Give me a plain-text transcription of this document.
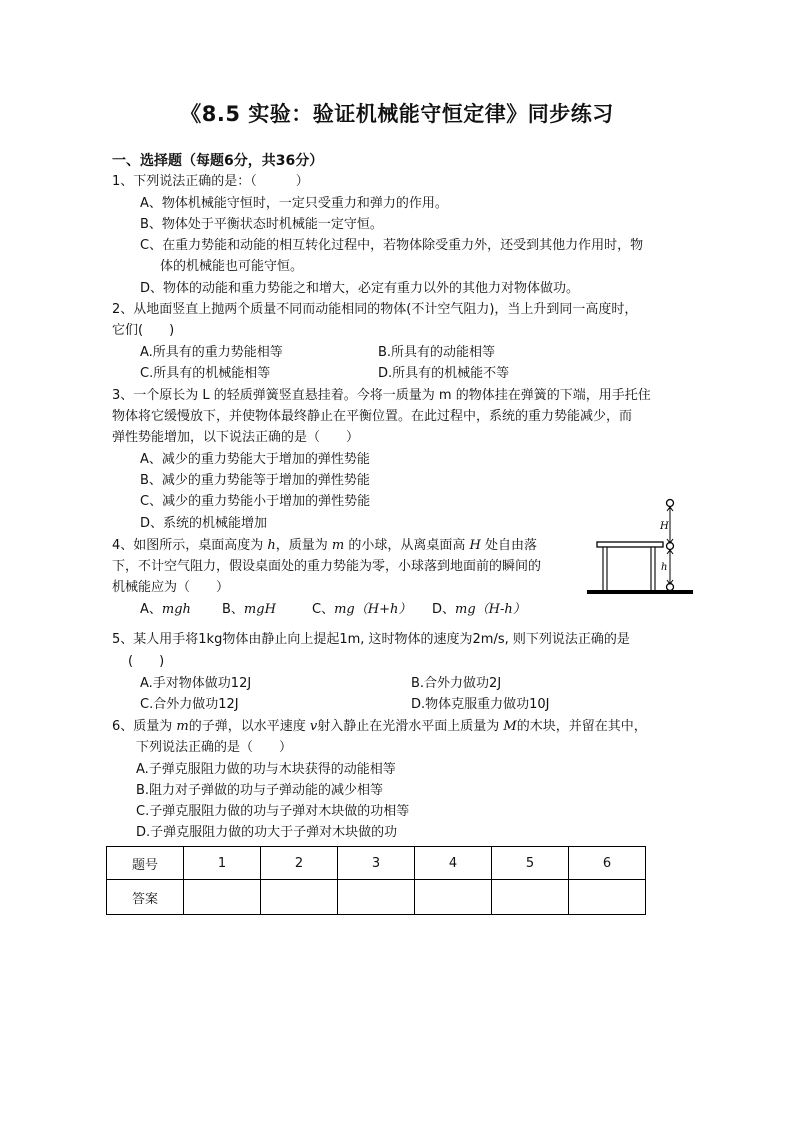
《8.5 实验：验证机械能守恒定律》同步练习
一、选择题（每题6分，共36分）
1、下列说法正确的是：（　　　）
A、物体机械能守恒时，一定只受重力和弹力的作用。
B、物体处于平衡状态时机械能一定守恒。
C、在重力势能和动能的相互转化过程中，若物体除受重力外，还受到其他力作用时，物
体的机械能也可能守恒。
D、物体的动能和重力势能之和增大，必定有重力以外的其他力对物体做功。
2、从地面竖直上抛两个质量不同而动能相同的物体(不计空气阻力)，当上升到同一高度时，
它们(　　)
A.所具有的重力势能相等	B.所具有的动能相等
C.所具有的机械能相等	D.所具有的机械能不等
3、一个原长为 L 的轻质弹簧竖直悬挂着。今将一质量为 m 的物体挂在弹簧的下端，用手托住
物体将它缓慢放下，并使物体最终静止在平衡位置。在此过程中，系统的重力势能减少，而
弹性势能增加，以下说法正确的是（　　）
A、减少的重力势能大于增加的弹性势能
B、减少的重力势能等于增加的弹性势能
C、减少的重力势能小于增加的弹性势能
D、系统的机械能增加	H
h
4、如图所示，桌面高度为 h，质量为 m 的小球，从离桌面高 H 处自由落
下，不计空气阻力，假设桌面处的重力势能为零，小球落到地面前的瞬间的
机械能应为（　　）
A、mgh B、mgH	C、mg（H+h） D、mg（H-h）
5、某人用手将1kg物体由静止向上提起1m, 这时物体的速度为2m/s, 则下列说法正确的是
(　　)
A.手对物体做功12J	B.合外力做功2J
C.合外力做功12J	D.物体克服重力做功10J
6、质量为 m的子弹，以水平速度 v射入静止在光滑水平面上质量为 M的木块，并留在其中，
下列说法正确的是（　　）
A.子弹克服阻力做的功与木块获得的动能相等
B.阻力对子弹做的功与子弹动能的减少相等
C.子弹克服阻力做的功与子弹对木块做的功相等
D.子弹克服阻力做的功大于子弹对木块做的功
题号	1	2	3	4	5	6
答案						
